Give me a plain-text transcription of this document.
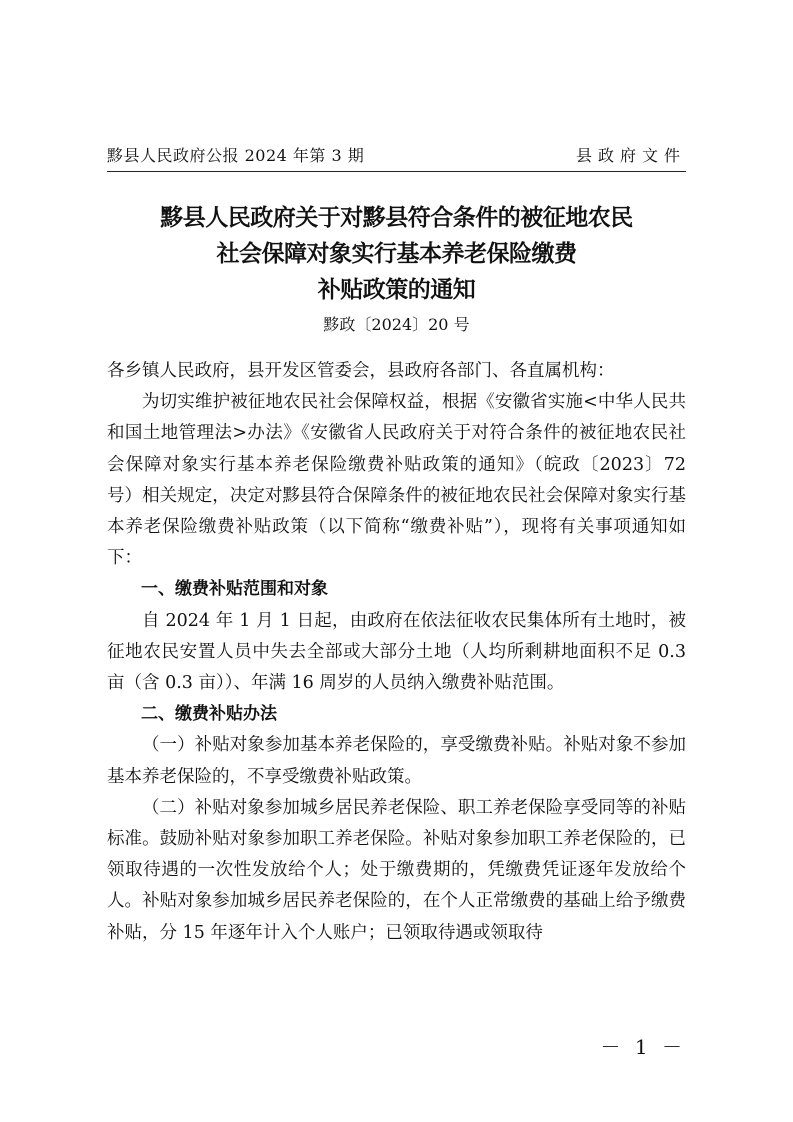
黟县人民政府公报 2024 年第 3 期	县政府文件
黟县人民政府关于对黟县符合条件的被征地农民
社会保障对象实行基本养老保险缴费
补贴政策的通知
黟政〔2024〕20 号

各乡镇人民政府，县开发区管委会，县政府各部门、各直属机构：

为切实维护被征地农民社会保障权益，根据《安徽省实施<中华人民共和国土地管理法>办法》《安徽省人民政府关于对符合条件的被征地农民社会保障对象实行基本养老保险缴费补贴政策的通知》（皖政〔2023〕72 号）相关规定，决定对黟县符合保障条件的被征地农民社会保障对象实行基本养老保险缴费补贴政策（以下简称“缴费补贴”），现将有关事项通知如下：

一、缴费补贴范围和对象

自 2024 年 1 月 1 日起，由政府在依法征收农民集体所有土地时，被征地农民安置人员中失去全部或大部分土地（人均所剩耕地面积不足 0.3 亩（含 0.3 亩））、年满 16 周岁的人员纳入缴费补贴范围。

二、缴费补贴办法

（一）补贴对象参加基本养老保险的，享受缴费补贴。补贴对象不参加基本养老保险的，不享受缴费补贴政策。

（二）补贴对象参加城乡居民养老保险、职工养老保险享受同等的补贴标准。鼓励补贴对象参加职工养老保险。补贴对象参加职工养老保险的，已领取待遇的一次性发放给个人；处于缴费期的，凭缴费凭证逐年发放给个人。补贴对象参加城乡居民养老保险的，在个人正常缴费的基础上给予缴费补贴，分 15 年逐年计入个人账户；已领取待遇或领取待

－ 1 －
